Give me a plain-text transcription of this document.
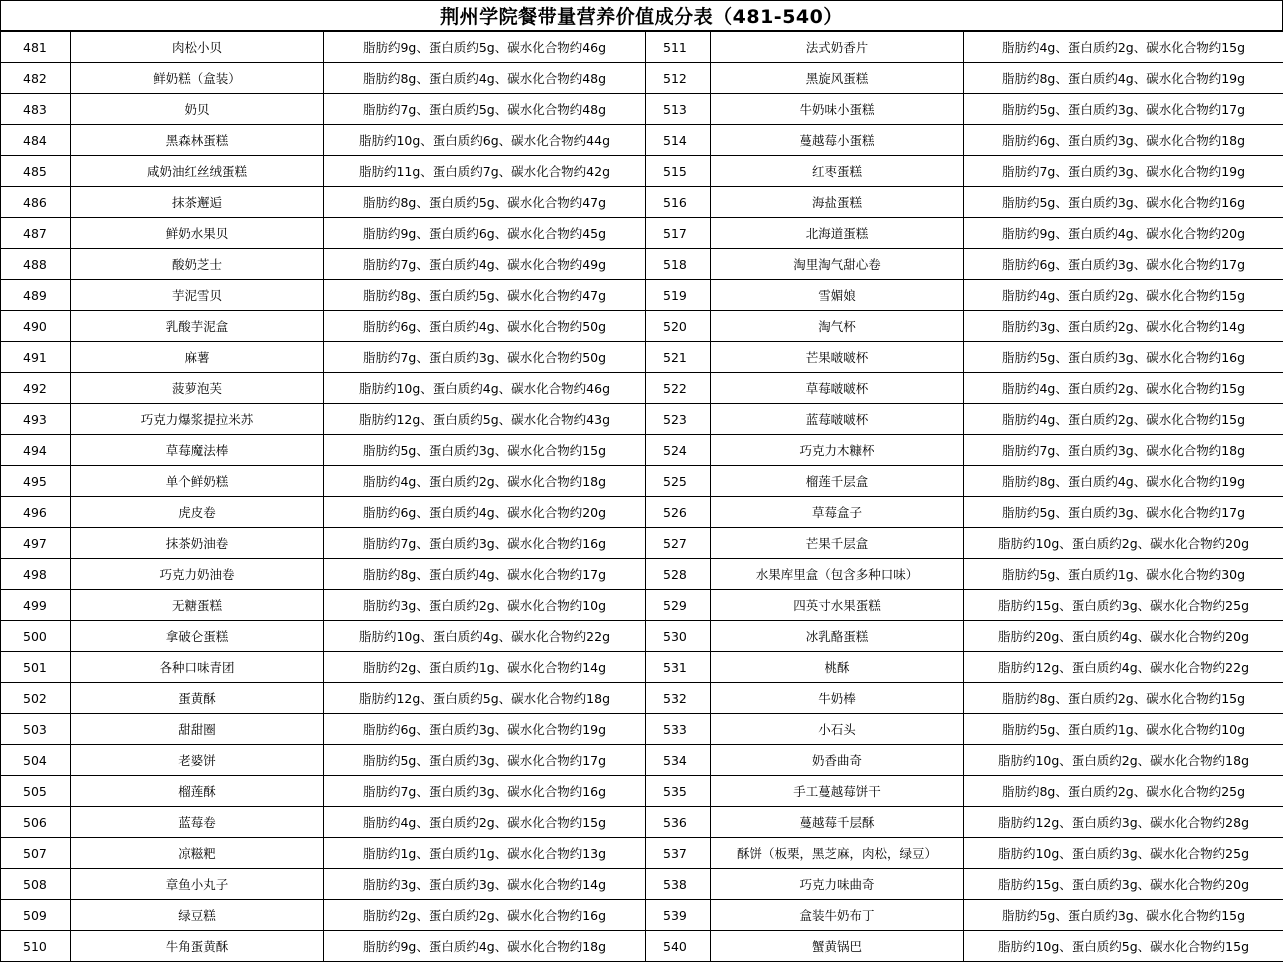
荆州学院餐带量营养价值成分表（481-540）
481	肉松小贝	脂肪约9g、蛋白质约5g、碳水化合物约46g	511	法式奶香片	脂肪约4g、蛋白质约2g、碳水化合物约15g
482	鲜奶糕（盒装）	脂肪约8g、蛋白质约4g、碳水化合物约48g	512	黑旋风蛋糕	脂肪约8g、蛋白质约4g、碳水化合物约19g
483	奶贝	脂肪约7g、蛋白质约5g、碳水化合物约48g	513	牛奶味小蛋糕	脂肪约5g、蛋白质约3g、碳水化合物约17g
484	黑森林蛋糕	脂肪约10g、蛋白质约6g、碳水化合物约44g	514	蔓越莓小蛋糕	脂肪约6g、蛋白质约3g、碳水化合物约18g
485	咸奶油红丝绒蛋糕	脂肪约11g、蛋白质约7g、碳水化合物约42g	515	红枣蛋糕	脂肪约7g、蛋白质约3g、碳水化合物约19g
486	抹茶邂逅	脂肪约8g、蛋白质约5g、碳水化合物约47g	516	海盐蛋糕	脂肪约5g、蛋白质约3g、碳水化合物约16g
487	鲜奶水果贝	脂肪约9g、蛋白质约6g、碳水化合物约45g	517	北海道蛋糕	脂肪约9g、蛋白质约4g、碳水化合物约20g
488	酸奶芝士	脂肪约7g、蛋白质约4g、碳水化合物约49g	518	淘里淘气甜心卷	脂肪约6g、蛋白质约3g、碳水化合物约17g
489	芋泥雪贝	脂肪约8g、蛋白质约5g、碳水化合物约47g	519	雪媚娘	脂肪约4g、蛋白质约2g、碳水化合物约15g
490	乳酸芋泥盒	脂肪约6g、蛋白质约4g、碳水化合物约50g	520	淘气杯	脂肪约3g、蛋白质约2g、碳水化合物约14g
491	麻薯	脂肪约7g、蛋白质约3g、碳水化合物约50g	521	芒果啵啵杯	脂肪约5g、蛋白质约3g、碳水化合物约16g
492	菠萝泡芙	脂肪约10g、蛋白质约4g、碳水化合物约46g	522	草莓啵啵杯	脂肪约4g、蛋白质约2g、碳水化合物约15g
493	巧克力爆浆提拉米苏	脂肪约12g、蛋白质约5g、碳水化合物约43g	523	蓝莓啵啵杯	脂肪约4g、蛋白质约2g、碳水化合物约15g
494	草莓魔法棒	脂肪约5g、蛋白质约3g、碳水化合物约15g	524	巧克力木糠杯	脂肪约7g、蛋白质约3g、碳水化合物约18g
495	单个鲜奶糕	脂肪约4g、蛋白质约2g、碳水化合物约18g	525	榴莲千层盒	脂肪约8g、蛋白质约4g、碳水化合物约19g
496	虎皮卷	脂肪约6g、蛋白质约4g、碳水化合物约20g	526	草莓盒子	脂肪约5g、蛋白质约3g、碳水化合物约17g
497	抹茶奶油卷	脂肪约7g、蛋白质约3g、碳水化合物约16g	527	芒果千层盒	脂肪约10g、蛋白质约2g、碳水化合物约20g
498	巧克力奶油卷	脂肪约8g、蛋白质约4g、碳水化合物约17g	528	水果库里盒（包含多种口味）	脂肪约5g、蛋白质约1g、碳水化合物约30g
499	无糖蛋糕	脂肪约3g、蛋白质约2g、碳水化合物约10g	529	四英寸水果蛋糕	脂肪约15g、蛋白质约3g、碳水化合物约25g
500	拿破仑蛋糕	脂肪约10g、蛋白质约4g、碳水化合物约22g	530	冰乳酪蛋糕	脂肪约20g、蛋白质约4g、碳水化合物约20g
501	各种口味青团	脂肪约2g、蛋白质约1g、碳水化合物约14g	531	桃酥	脂肪约12g、蛋白质约4g、碳水化合物约22g
502	蛋黄酥	脂肪约12g、蛋白质约5g、碳水化合物约18g	532	牛奶棒	脂肪约8g、蛋白质约2g、碳水化合物约15g
503	甜甜圈	脂肪约6g、蛋白质约3g、碳水化合物约19g	533	小石头	脂肪约5g、蛋白质约1g、碳水化合物约10g
504	老婆饼	脂肪约5g、蛋白质约3g、碳水化合物约17g	534	奶香曲奇	脂肪约10g、蛋白质约2g、碳水化合物约18g
505	榴莲酥	脂肪约7g、蛋白质约3g、碳水化合物约16g	535	手工蔓越莓饼干	脂肪约8g、蛋白质约2g、碳水化合物约25g
506	蓝莓卷	脂肪约4g、蛋白质约2g、碳水化合物约15g	536	蔓越莓千层酥	脂肪约12g、蛋白质约3g、碳水化合物约28g
507	凉糍粑	脂肪约1g、蛋白质约1g、碳水化合物约13g	537	酥饼（板栗，黑芝麻，肉松，绿豆）	脂肪约10g、蛋白质约3g、碳水化合物约25g
508	章鱼小丸子	脂肪约3g、蛋白质约3g、碳水化合物约14g	538	巧克力味曲奇	脂肪约15g、蛋白质约3g、碳水化合物约20g
509	绿豆糕	脂肪约2g、蛋白质约2g、碳水化合物约16g	539	盒装牛奶布丁	脂肪约5g、蛋白质约3g、碳水化合物约15g
510	牛角蛋黄酥	脂肪约9g、蛋白质约4g、碳水化合物约18g	540	蟹黄锅巴	脂肪约10g、蛋白质约5g、碳水化合物约15g
